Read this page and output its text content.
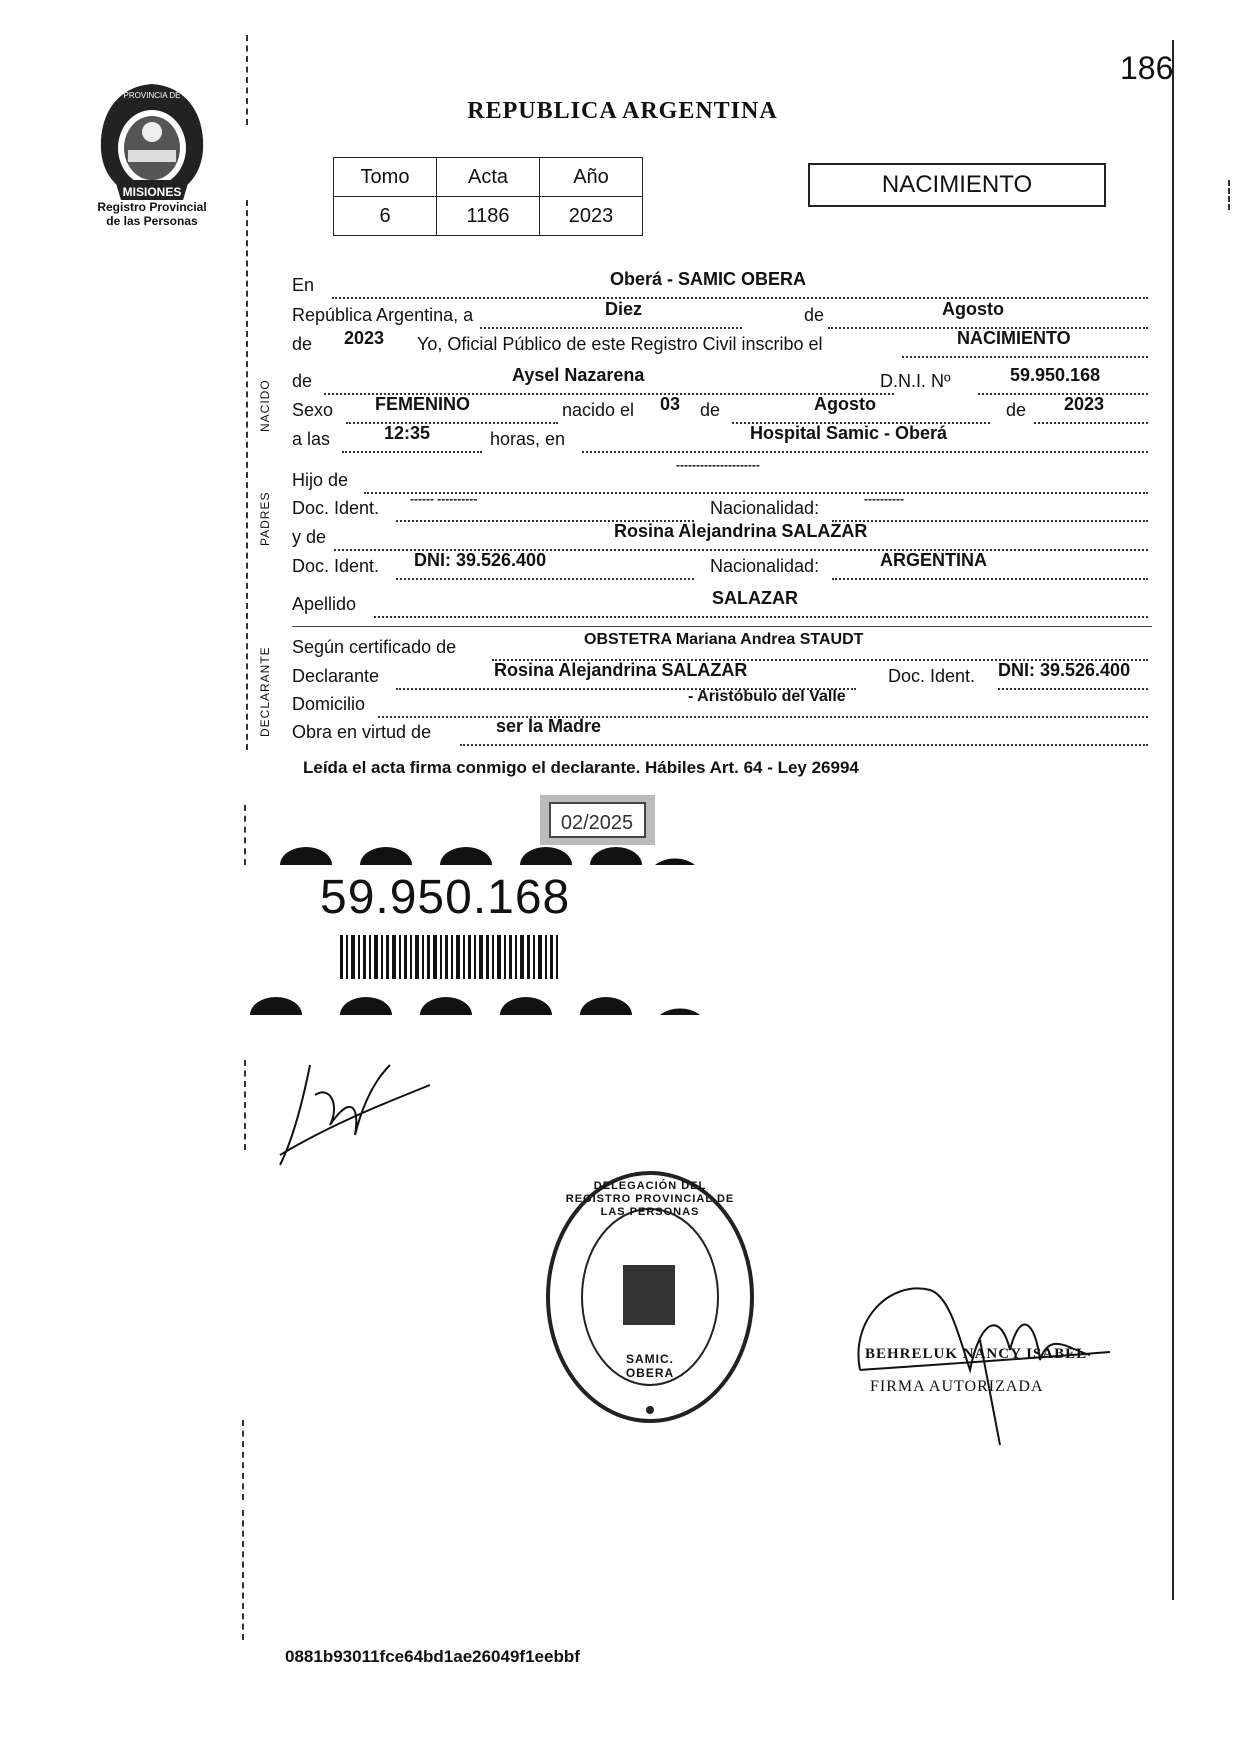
186
MISIONES
PROVINCIA DE
Registro Provincial
de las Personas
REPUBLICA ARGENTINA
Tomo	Acta	Año
6	1186	2023
NACIMIENTO
NACIDO
PADRES
DECLARANTE
En	Oberá - SAMIC OBERA
República Argentina, a	Diez	de	Agosto
de 2023 Yo, Oficial Público de este Registro Civil inscribo el	NACIMIENTO
de	Aysel Nazarena	D.N.I. Nº	59.950.168
Sexo FEMENINO	nacido el 03 de	Agosto	de 2023
a las	12:35	horas, en	Hospital Samic - Oberá
Hijo de
---------------------
Doc. Ident.	------ ----------	Nacionalidad:	----------
y de	Rosina Alejandrina SALAZAR
Doc. Ident. DNI: 39.526.400	Nacionalidad:	ARGENTINA
Apellido	SALAZAR
Según certificado de	OBSTETRA Mariana Andrea STAUDT
Declarante	Rosina Alejandrina SALAZAR	Doc. Ident. DNI: 39.526.400
Domicilio	- Aristóbulo del Valle
Obra en virtud de	ser la Madre
Leída el acta firma conmigo el declarante. Hábiles Art. 64 - Ley 26994
02/2025
59.950.168
DELEGACIÓN DEL REGISTRO PROVINCIAL DE LAS PERSONAS
SAMIC. OBERA
BEHRELUK NANCY ISABEL
FIRMA AUTORIZADA
0881b93011fce64bd1ae26049f1eebbf
